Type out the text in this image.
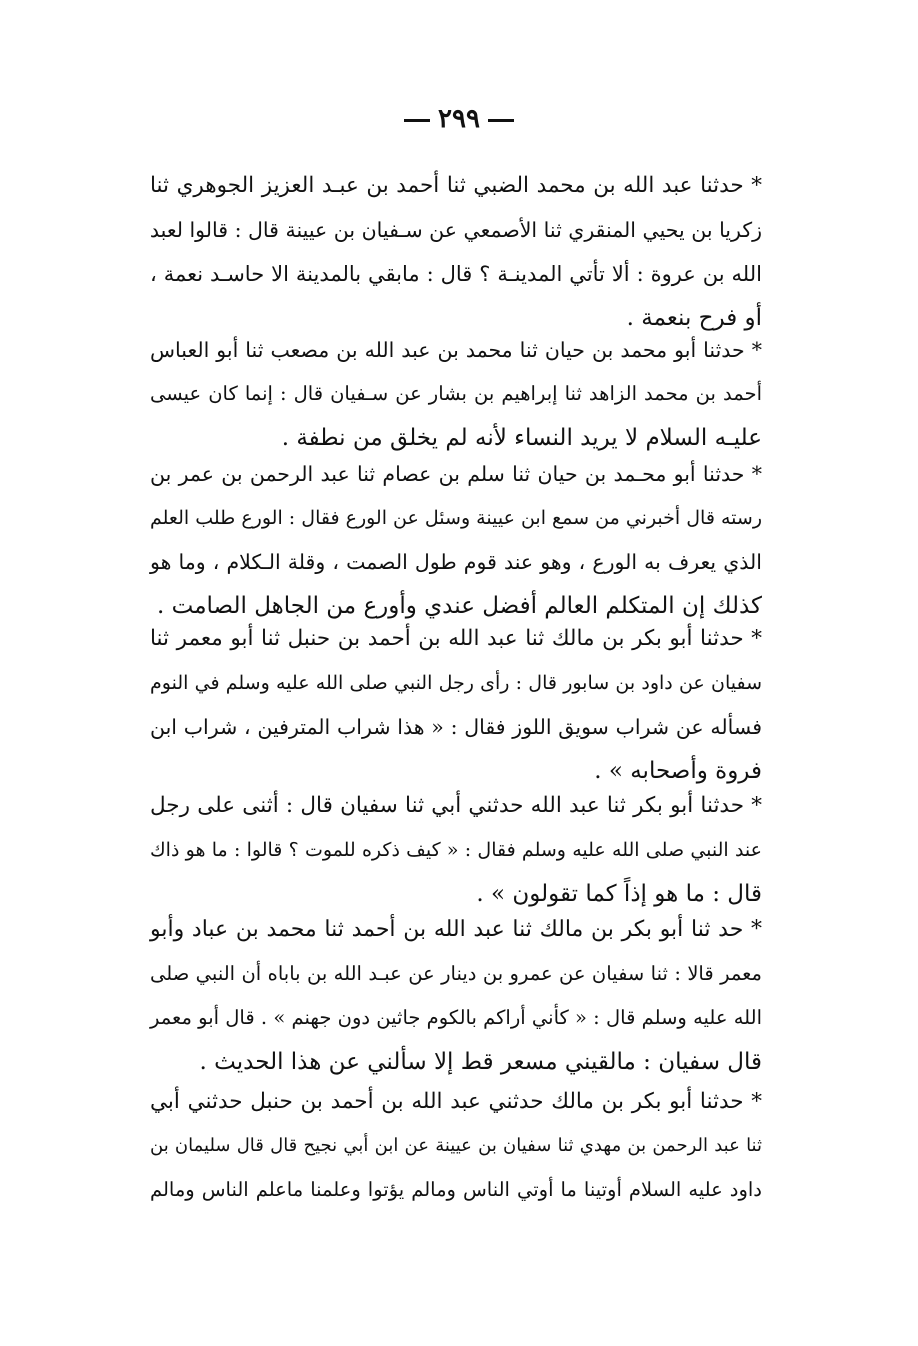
٢٩٩
* حدثنا عبد الله بن محمد الضبي ثنا أحمد بن عبـد العزيز الجوهري ثنا
زكريا بن يحيي المنقري ثنا الأصمعي عن سـفيان بن عيينة قال : قالوا لعبد
الله بن عروة : ألا تأتي المدينـة ؟ قال : مابقي بالمدينة الا حاسـد نعمة ،
أو فرح بنعمة .
* حدثنا أبو محمد بن حيان ثنا محمد بن عبد الله بن مصعب ثنا أبو العباس
أحمد بن محمد الزاهد ثنا إبراهيم بن بشار عن سـفيان قال : إنما كان عيسى
عليـه السلام لا يريد النساء لأنه لم يخلق من نطفة .
* حدثنا أبو محـمد بن حيان ثنا سلم بن عصام ثنا عبد الرحمن بن عمر بن
رسته قال أخبرني من سمع ابن عيينة وسئل عن الورع فقال : الورع طلب العلم
الذي يعرف به الورع ، وهو عند قوم طول الصمت ، وقلة الـكلام ، وما هو
كذلك إن المتكلم العالم أفضل عندي وأورع من الجاهل الصامت .
* حدثنا أبو بكر بن مالك ثنا عبد الله بن أحمد بن حنبل ثنا أبو معمر ثنا
سفيان عن داود بن سابور قال : رأى رجل النبي صلى الله عليه وسلم في النوم
فسأله عن شراب سويق اللوز فقال : « هذا شراب المترفين ، شراب ابن
فروة وأصحابه » .
* حدثنا أبو بكر ثنا عبد الله حدثني أبي ثنا سفيان قال : أثنى على رجل
عند النبي صلى الله عليه وسلم فقال : « كيف ذكره للموت ؟ قالوا : ما هو ذاك
قال : ما هو إذاً كما تقولون » .
* حد ثنا أبو بكر بن مالك ثنا عبد الله بن أحمد ثنا محمد بن عباد وأبو
معمر قالا : ثنا سفيان عن عمرو بن دينار عن عبـد الله بن باباه أن النبي صلى
الله عليه وسلم قال : « كأني أراكم بالكوم جاثين دون جهنم » . قال أبو معمر
قال سفيان : مالقيني مسعر قط إلا سألني عن هذا الحديث .
* حدثنا أبو بكر بن مالك حدثني عبد الله بن أحمد بن حنبل حدثني أبي
ثنا عبد الرحمن بن مهدي ثنا سفيان بن عيينة عن ابن أبي نجيح قال قال سليمان بن
داود عليه السلام أوتينا ما أوتي الناس ومالم يؤتوا وعلمنا ماعلم الناس ومالم
